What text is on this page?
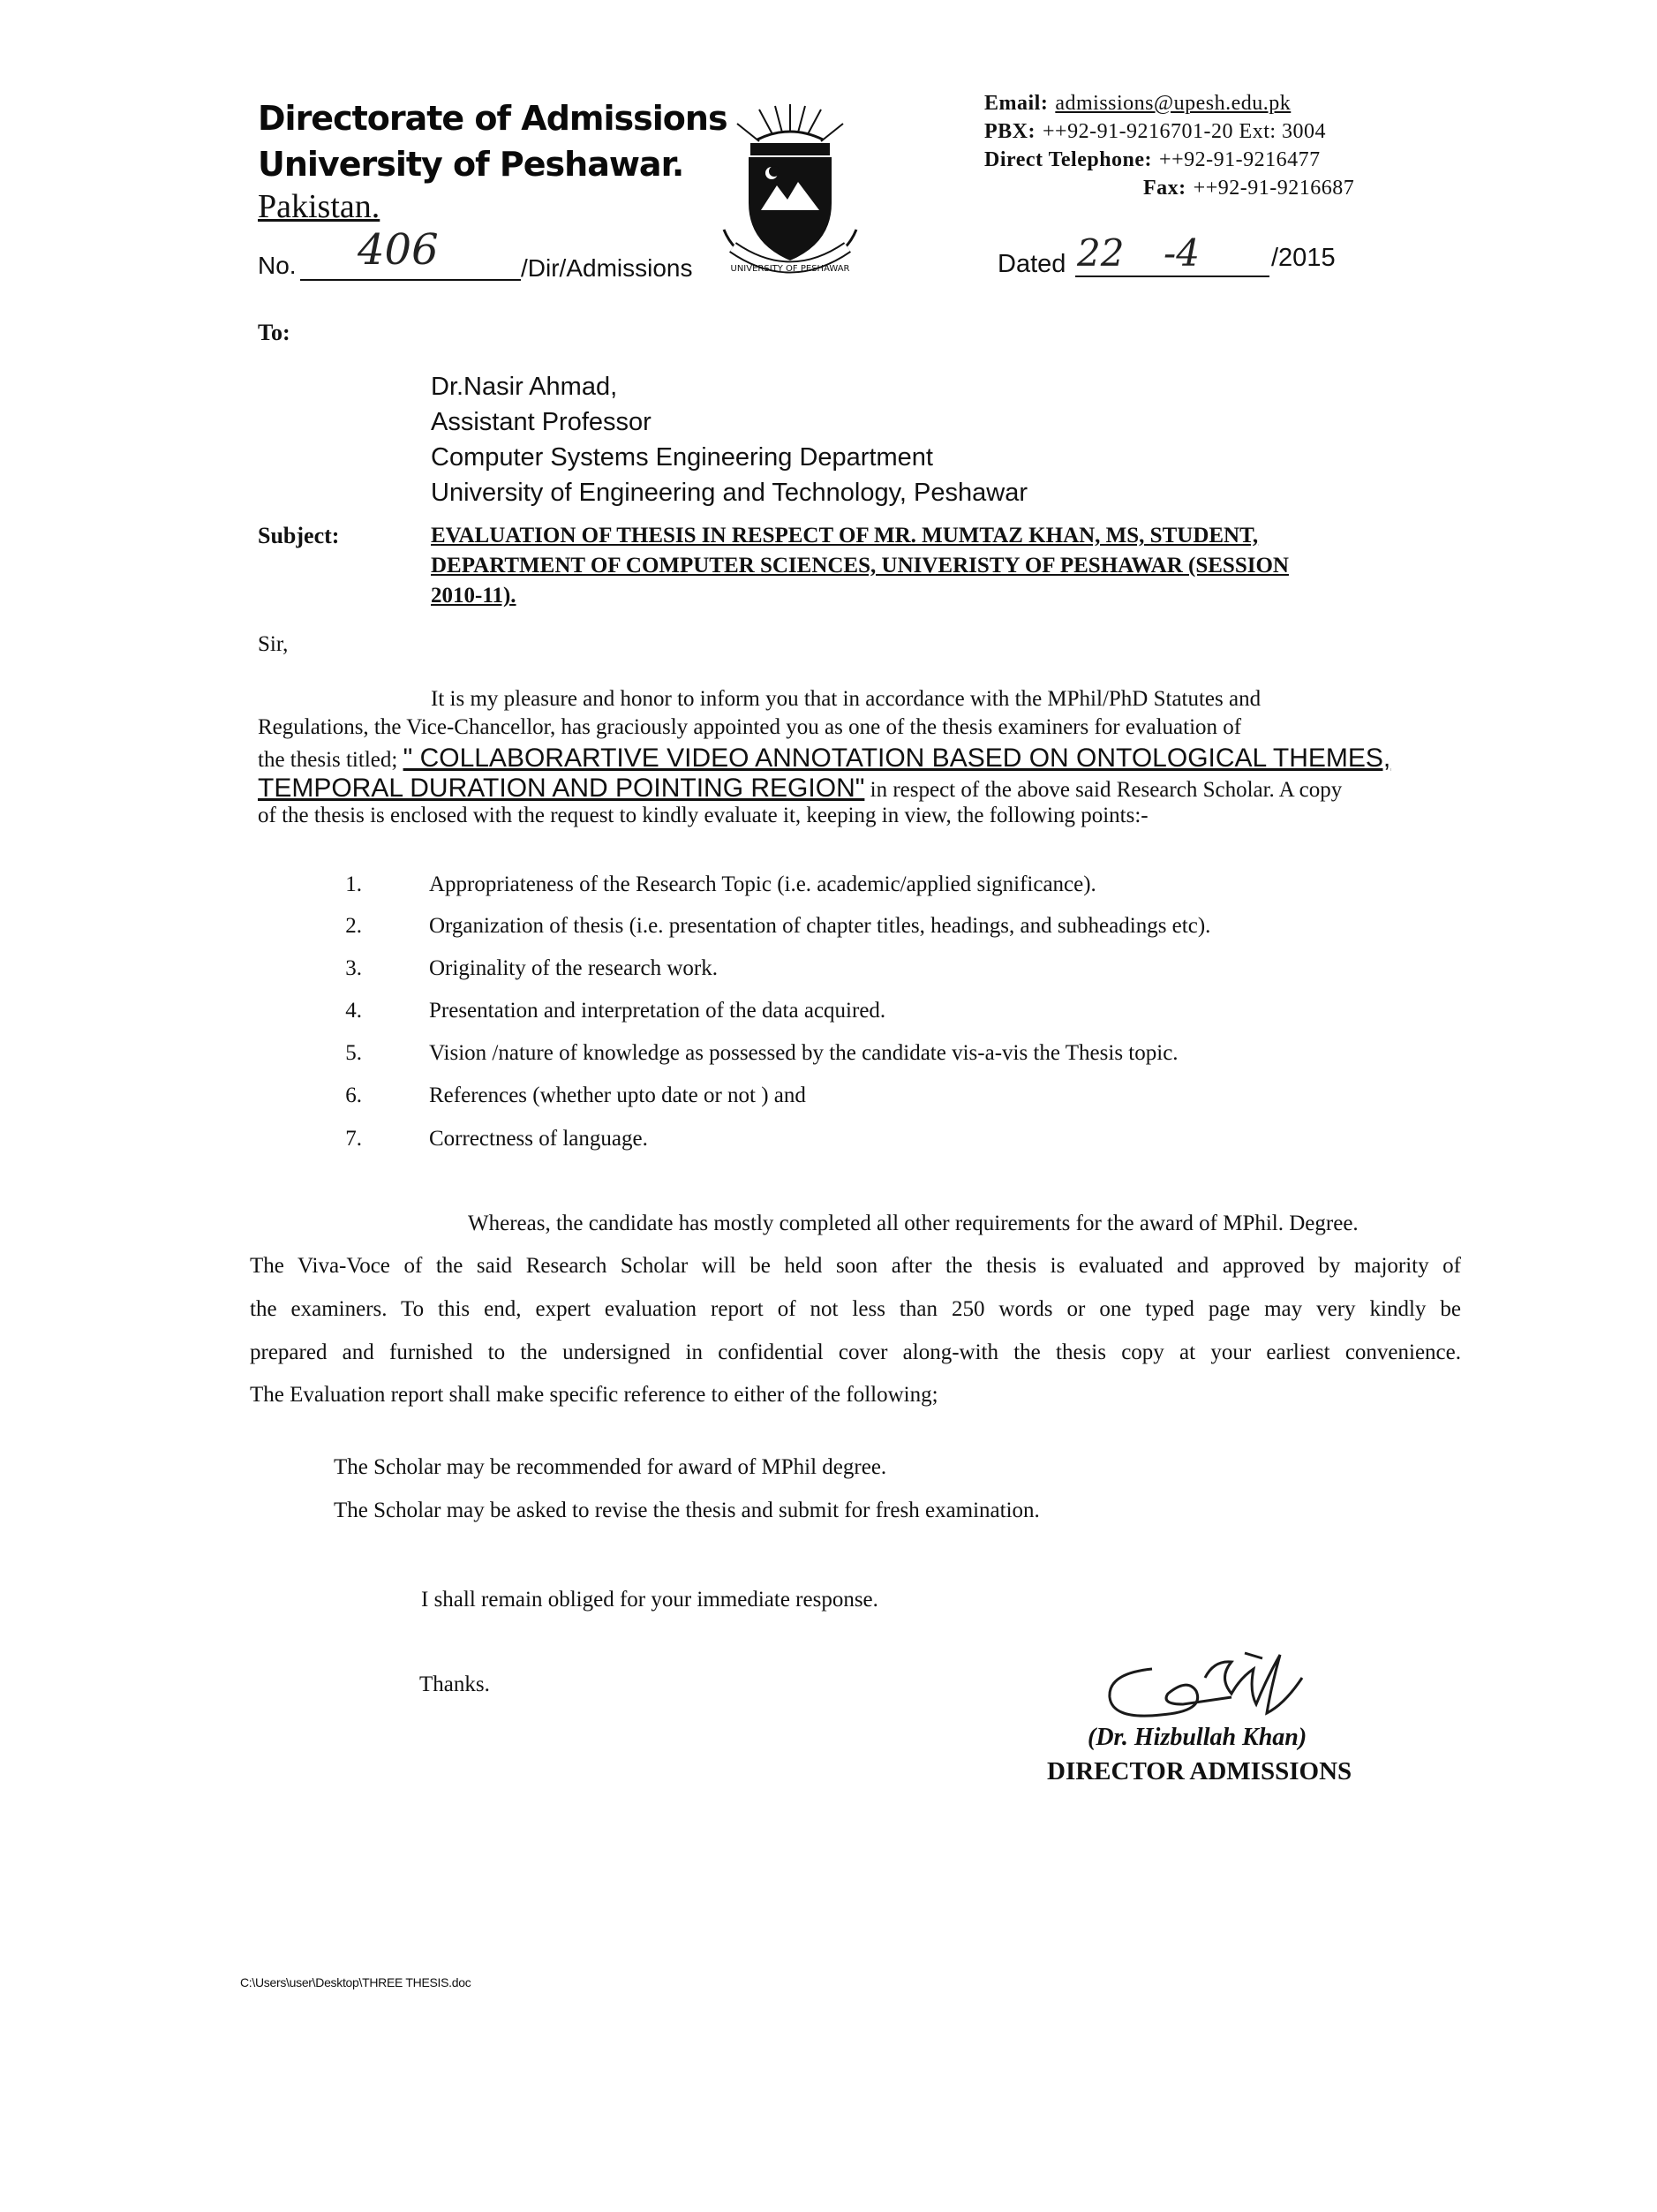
Directorate of Admissions
University of Peshawar.
Pakistan.
No. 406	/Dir/Admissions	UNIVERSITY OF PESHAWAR
Email: admissions@upesh.edu.pk
PBX: ++92-91-9216701-20 Ext: 3004
Direct Telephone: ++92-91-9216477
Fax: ++92-91-9216687
Dated 22 -4	/2015
To:
Dr.Nasir Ahmad,
Assistant Professor
Computer Systems Engineering Department
University of Engineering and Technology, Peshawar
Subject:	EVALUATION OF THESIS IN RESPECT OF MR. MUMTAZ KHAN, MS, STUDENT,
DEPARTMENT OF COMPUTER SCIENCES, UNIVERISTY OF PESHAWAR (SESSION
2010-11).
Sir,
It is my pleasure and honor to inform you that in accordance with the MPhil/PhD Statutes and
Regulations, the Vice-Chancellor, has graciously appointed you as one of the thesis examiners for evaluation of
the thesis titled; " COLLABORARTIVE VIDEO ANNOTATION BASED ON ONTOLOGICAL THEMES,
TEMPORAL DURATION AND POINTING REGION" in respect of the above said Research Scholar. A copy
of the thesis is enclosed with the request to kindly evaluate it, keeping in view, the following points:-
1.	Appropriateness of the Research Topic (i.e. academic/applied significance).
2.	Organization of thesis (i.e. presentation of chapter titles, headings, and subheadings etc).
3.	Originality of the research work.
4.	Presentation and interpretation of the data acquired.
5.	Vision /nature of knowledge as possessed by the candidate vis-a-vis the Thesis topic.
6.	References (whether upto date or not ) and
7.	Correctness of language.
Whereas, the candidate has mostly completed all other requirements for the award of MPhil. Degree.
The Viva-Voce of the said Research Scholar will be held soon after the thesis is evaluated and approved by majority of
the examiners. To this end, expert evaluation report of not less than 250 words or one typed page may very kindly be
prepared and furnished to the undersigned in confidential cover along-with the thesis copy at your earliest convenience.
The Evaluation report shall make specific reference to either of the following;
The Scholar may be recommended for award of MPhil degree.
The Scholar may be asked to revise the thesis and submit for fresh examination.
I shall remain obliged for your immediate response.
Thanks.
(Dr. Hizbullah Khan)
DIRECTOR ADMISSIONS
C:\Users\user\Desktop\THREE THESIS.doc
